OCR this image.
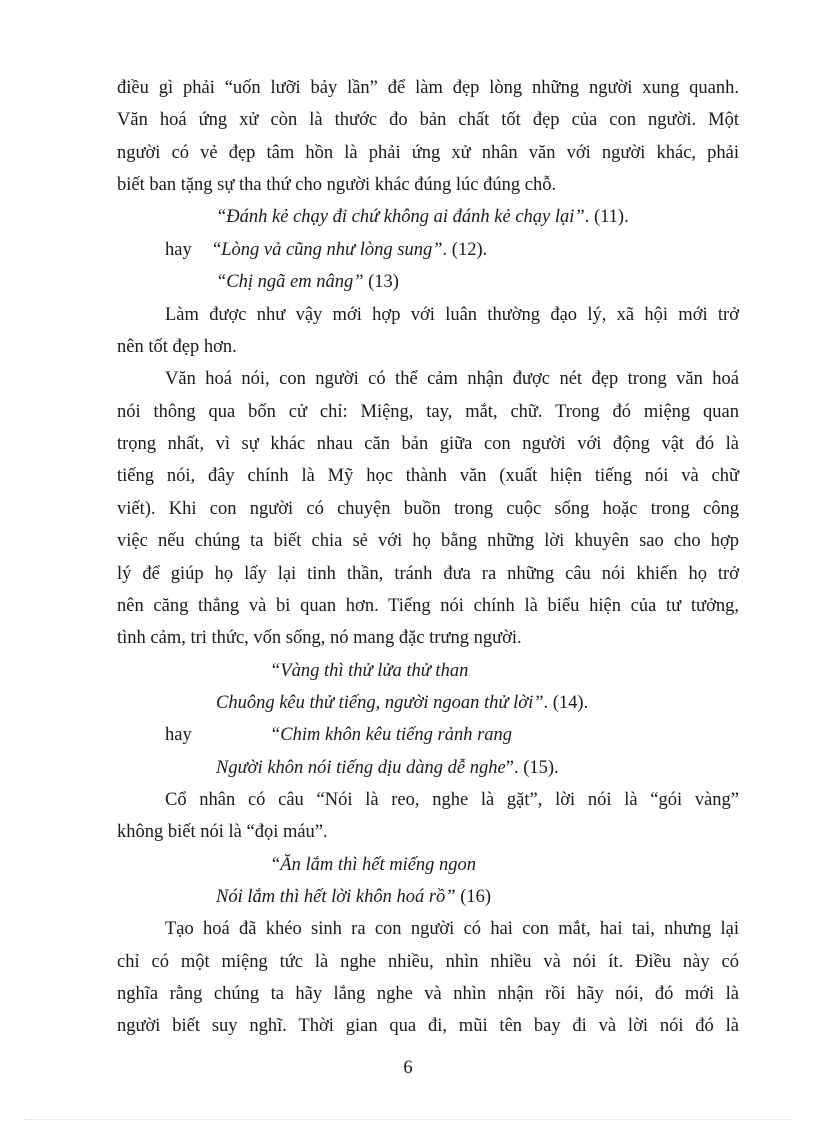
điều gì phải “uốn lưỡi bảy lần” để làm đẹp lòng những người xung quanh.
Văn hoá ứng xử còn là thước đo bản chất tốt đẹp của con người. Một
người có vẻ đẹp tâm hồn là phải ứng xử nhân văn với người khác, phải
biết ban tặng sự tha thứ cho người khác đúng lúc đúng chỗ.
“Đánh kẻ chạy đi chứ không ai đánh kẻ chạy lại”. (11).
hay “Lòng vả cũng như lòng sung”. (12).
“Chị ngã em nâng” (13)
Làm được như vậy mới hợp với luân thường đạo lý, xã hội mới trở
nên tốt đẹp hơn.
Văn hoá nói, con người có thể cảm nhận được nét đẹp trong văn hoá
nói thông qua bốn cử chỉ: Miệng, tay, mắt, chữ. Trong đó miệng quan
trọng nhất, vì sự khác nhau căn bản giữa con người với động vật đó là
tiếng nói, đây chính là Mỹ học thành văn (xuất hiện tiếng nói và chữ
viết). Khi con người có chuyện buồn trong cuộc sống hoặc trong công
việc nếu chúng ta biết chia sẻ với họ bằng những lời khuyên sao cho hợp
lý để giúp họ lấy lại tinh thần, tránh đưa ra những câu nói khiến họ trở
nên căng thẳng và bi quan hơn. Tiếng nói chính là biểu hiện của tư tưởng,
tình cảm, tri thức, vốn sống, nó mang đặc trưng người.
“Vàng thì thử lửa thử than
Chuông kêu thử tiếng, người ngoan thử lời”. (14).
hay	“Chim khôn kêu tiếng rảnh rang
Người khôn nói tiếng dịu dàng dễ nghe”. (15).
Cổ nhân có câu “Nói là reo, nghe là gặt”, lời nói là “gói vàng”
không biết nói là “đọi máu”.
“Ăn lắm thì hết miếng ngon
Nói lắm thì hết lời khôn hoá rồ” (16)
Tạo hoá đã khéo sinh ra con người có hai con mắt, hai tai, nhưng lại
chỉ có một miệng tức là nghe nhiều, nhìn nhiều và nói ít. Điều này có
nghĩa rằng chúng ta hãy lắng nghe và nhìn nhận rồi hãy nói, đó mới là
người biết suy nghĩ. Thời gian qua đi, mũi tên bay đi và lời nói đó là
6
